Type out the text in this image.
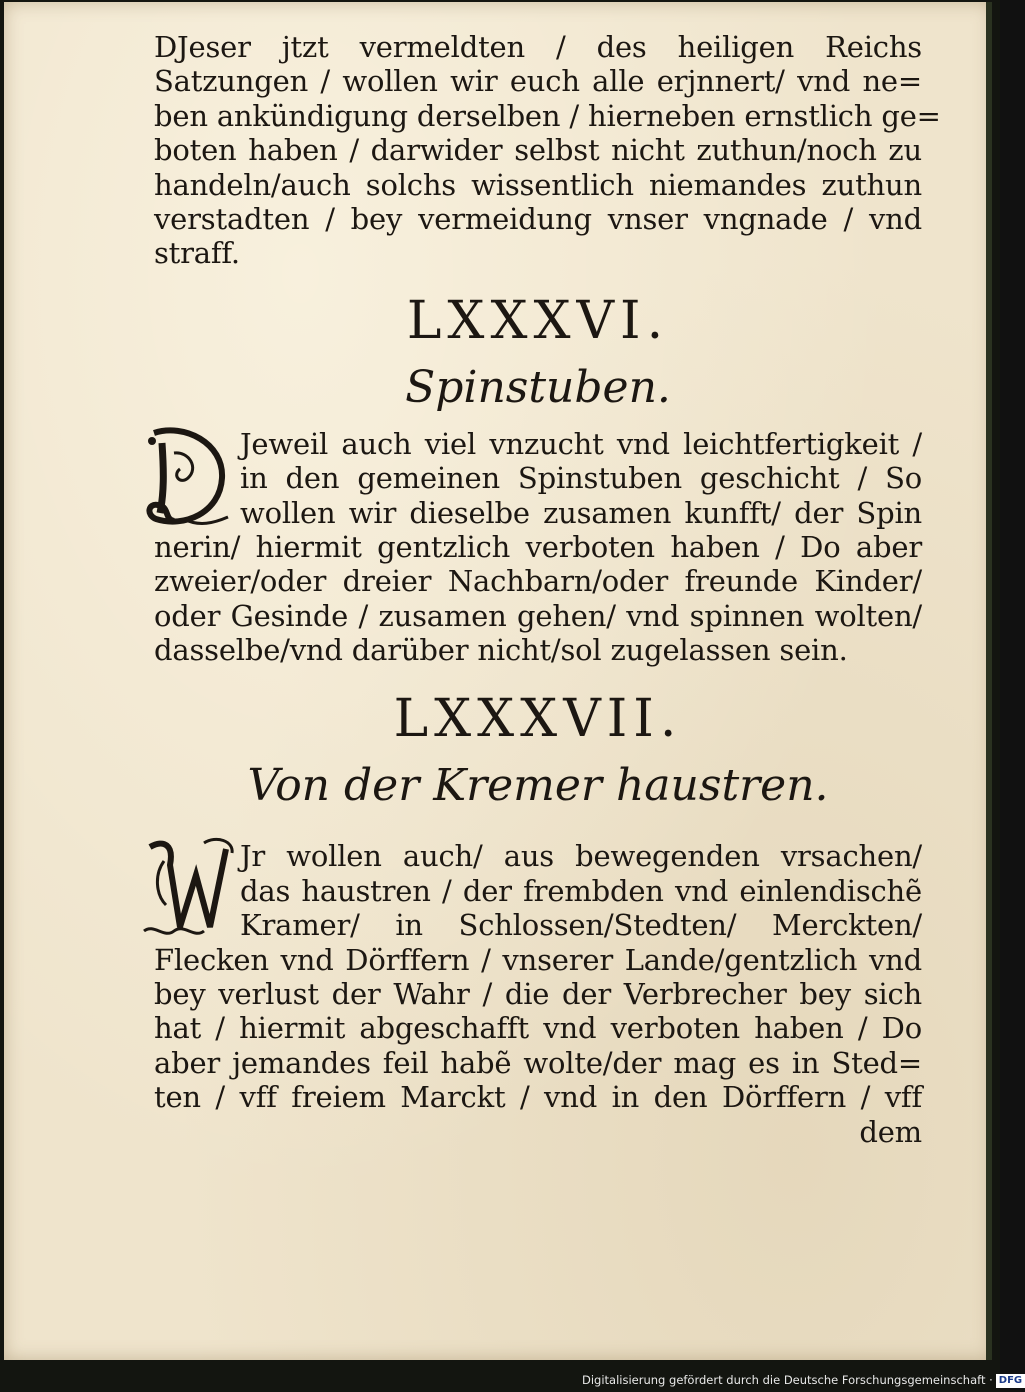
DJeser jtzt vermeldten / des heiligen Reichs
Satzungen / wollen wir euch alle erjnnert/ vnd ne=
ben ankündigung derselben / hierneben ernstlich ge=
boten haben / darwider selbst nicht zuthun/noch zu
handeln/auch solchs wissentlich niemandes zuthun
verstadten / bey vermeidung vnser vngnade / vnd
straff.
LXXXVI.
Spinstuben.
Jeweil auch viel vnzucht vnd leichtfertigkeit /
in den gemeinen Spinstuben geschicht / So
wollen wir dieselbe zusamen kunfft/ der Spin
nerin/ hiermit gentzlich verboten haben / Do aber
zweier/oder dreier Nachbarn/oder freunde Kinder/
oder Gesinde / zusamen gehen/ vnd spinnen wolten/
dasselbe/vnd darüber nicht/sol zugelassen sein.
LXXXVII.
Von der Kremer haustren.
Jr wollen auch/ aus bewegenden vrsachen/
das haustren / der frembden vnd einlendischẽ
Kramer/ in Schlossen/Stedten/ Merckten/
Flecken vnd Dörffern / vnserer Lande/gentzlich vnd
bey verlust der Wahr / die der Verbrecher bey sich
hat / hiermit abgeschafft vnd verboten haben / Do
aber jemandes feil habẽ wolte/der mag es in Sted=
ten / vff freiem Marckt / vnd in den Dörffern / vff
dem
Digitalisierung gefördert durch die Deutsche Forschungsgemeinschaft · DFG
